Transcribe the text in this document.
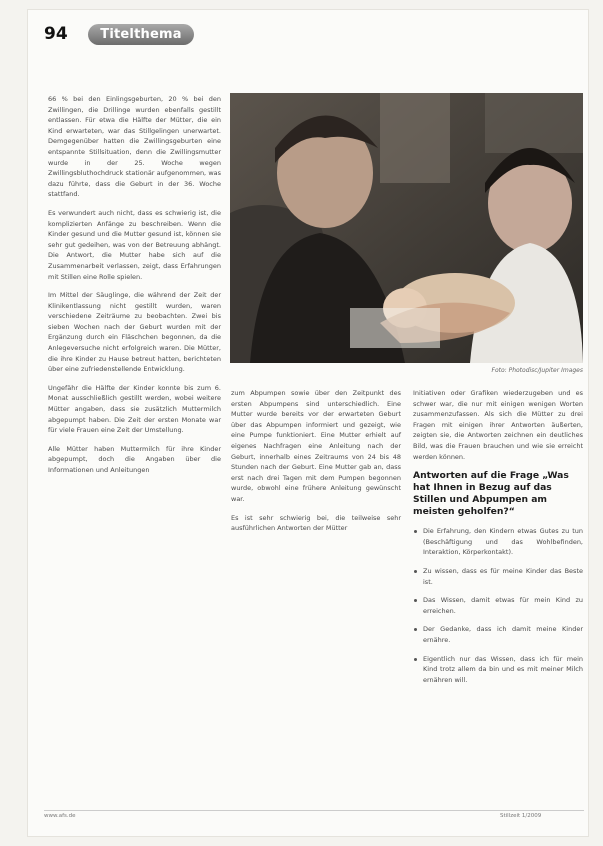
94	Titelthema

66 % bei den Einlingsgeburten, 20 % bei den Zwillingen, die Drillinge wurden ebenfalls gestillt entlassen. Für etwa die Hälfte der Mütter, die ein Kind erwarteten, war das Stillgelingen unerwartet. Demgegenüber hatten die Zwillingsgeburten eine entspannte Stillsituation, denn die Zwillingsmutter wurde in der 25. Woche wegen Zwillingsbluthochdruck stationär aufgenommen, was dazu führte, dass die Geburt in der 36. Woche stattfand.

Es verwundert auch nicht, dass es schwierig ist, die komplizierten Anfänge zu beschreiben. Wenn die Kinder gesund und die Mutter gesund ist, können sie sehr gut gedeihen, was von der Betreuung abhängt. Die Antwort, die Mutter habe sich auf die Zusammenarbeit verlassen, zeigt, dass Erfahrungen mit Stillen eine Rolle spielen.

Im Mittel der Säuglinge, die während der Zeit der Klinikentlassung nicht gestillt wurden, waren verschiedene Zeiträume zu beobachten. Zwei bis sieben Wochen nach der Geburt wurden mit der Ergänzung durch ein Fläschchen begonnen, da die Anlegeversuche nicht erfolgreich waren. Die Mütter, die ihre Kinder zu Hause betreut hatten, berichteten über eine zufriedenstellende Entwicklung.

Ungefähr die Hälfte der Kinder konnte bis zum 6. Monat ausschließlich gestillt werden, wobei weitere Mütter angaben, dass sie zusätzlich Muttermilch abgepumpt haben. Die Zeit der ersten Monate war für viele Frauen eine Zeit der Umstellung.

Alle Mütter haben Muttermilch für ihre Kinder abgepumpt, doch die Angaben über die Informationen und Anleitungen

Foto: Photodisc/Jupiter Images

zum Abpumpen sowie über den Zeitpunkt des ersten Abpumpens sind unterschiedlich. Eine Mutter wurde bereits vor der erwarteten Geburt über das Abpumpen informiert und gezeigt, wie eine Pumpe funktioniert. Eine Mutter erhielt auf eigenes Nachfragen eine Anleitung nach der Geburt, innerhalb eines Zeitraums von 24 bis 48 Stunden nach der Geburt. Eine Mutter gab an, dass erst nach drei Tagen mit dem Pumpen begonnen wurde, obwohl eine frühere Anleitung gewünscht war.

Es ist sehr schwierig bei, die teilweise sehr ausführlichen Antworten der Mütter

Initiativen oder Grafiken wiederzugeben und es schwer war, die nur mit einigen wenigen Worten zusammenzufassen. Als sich die Mütter zu drei Fragen mit einigen ihrer Antworten äußerten, zeigten sie, die Antworten zeichnen ein deutliches Bild, was die Frauen brauchen und wie sie erreicht werden können.

Antworten auf die Frage „Was hat Ihnen in Bezug auf das Stillen und Abpumpen am meisten geholfen?“
Die Erfahrung, den Kindern etwas Gutes zu tun (Beschäftigung und das Wohlbefinden, Interaktion, Körperkontakt).
Zu wissen, dass es für meine Kinder das Beste ist.
Das Wissen, damit etwas für mein Kind zu erreichen.
Der Gedanke, dass ich damit meine Kinder ernähre.
Eigentlich nur das Wissen, dass ich für mein Kind trotz allem da bin und es mit meiner Milch ernähren will.
www.afs.de	Stillzeit 1/2009
